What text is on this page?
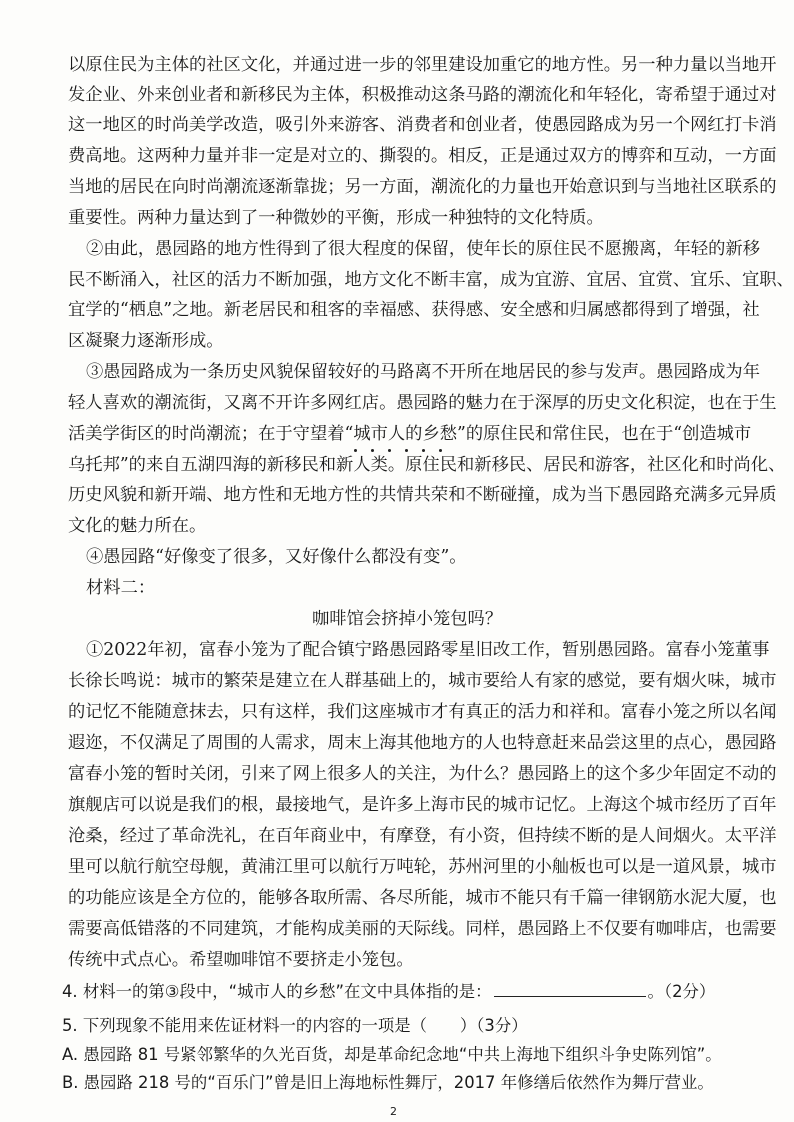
以原住民为主体的社区文化，并通过进一步的邻里建设加重它的地方性。另一种力量以当地开
发企业、外来创业者和新移民为主体，积极推动这条马路的潮流化和年轻化，寄希望于通过对
这一地区的时尚美学改造，吸引外来游客、消费者和创业者，使愚园路成为另一个网红打卡消
费高地。这两种力量并非一定是对立的、撕裂的。相反，正是通过双方的博弈和互动，一方面
当地的居民在向时尚潮流逐渐靠拢；另一方面，潮流化的力量也开始意识到与当地社区联系的
重要性。两种力量达到了一种微妙的平衡，形成一种独特的文化特质。
②由此，愚园路的地方性得到了很大程度的保留，使年长的原住民不愿搬离，年轻的新移
民不断涌入，社区的活力不断加强，地方文化不断丰富，成为宜游、宜居、宜赏、宜乐、宜职、
宜学的“栖息”之地。新老居民和租客的幸福感、获得感、安全感和归属感都得到了增强，社
区凝聚力逐渐形成。
③愚园路成为一条历史风貌保留较好的马路离不开所在地居民的参与发声。愚园路成为年
轻人喜欢的潮流街，又离不开许多网红店。愚园路的魅力在于深厚的历史文化积淀，也在于生
活美学街区的时尚潮流；在于守望着“城市人的乡愁”的原住民和常住民，也在于“创造城市
乌托邦”的来自五湖四海的新移民和新人类。原住民和新移民、居民和游客，社区化和时尚化、
历史风貌和新开端、地方性和无地方性的共情共荣和不断碰撞，成为当下愚园路充满多元异质
文化的魅力所在。
④愚园路“好像变了很多，又好像什么都没有变”。
材料二：
咖啡馆会挤掉小笼包吗？
①2022年初，富春小笼为了配合镇宁路愚园路零星旧改工作，暂别愚园路。富春小笼董事
长徐长鸣说：城市的繁荣是建立在人群基础上的，城市要给人有家的感觉，要有烟火味，城市
的记忆不能随意抹去，只有这样，我们这座城市才有真正的活力和祥和。富春小笼之所以名闻
遐迩，不仅满足了周围的人需求，周末上海其他地方的人也特意赶来品尝这里的点心，愚园路
富春小笼的暂时关闭，引来了网上很多人的关注，为什么？愚园路上的这个多少年固定不动的
旗舰店可以说是我们的根，最接地气，是许多上海市民的城市记忆。上海这个城市经历了百年
沧桑，经过了革命洗礼，在百年商业中，有摩登，有小资，但持续不断的是人间烟火。太平洋
里可以航行航空母舰，黄浦江里可以航行万吨轮，苏州河里的小舢板也可以是一道风景，城市
的功能应该是全方位的，能够各取所需、各尽所能，城市不能只有千篇一律钢筋水泥大厦，也
需要高低错落的不同建筑，才能构成美丽的天际线。同样，愚园路上不仅要有咖啡店，也需要
传统中式点心。希望咖啡馆不要挤走小笼包。
4. 材料一的第③段中，“城市人的乡愁”在文中具体指的是：	。（2分）
5. 下列现象不能用来佐证材料一的内容的一项是（　　）（3分）
A. 愚园路 81 号紧邻繁华的久光百货，却是革命纪念地“中共上海地下组织斗争史陈列馆”。
B. 愚园路 218 号的“百乐门”曾是旧上海地标性舞厅，2017 年修缮后依然作为舞厅营业。
2
